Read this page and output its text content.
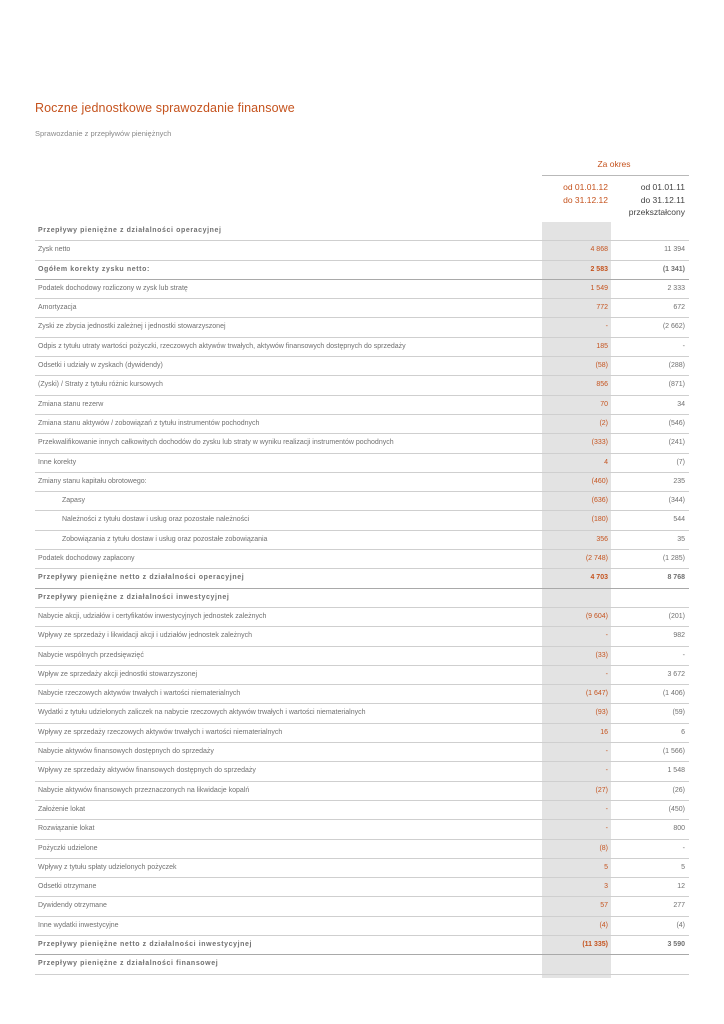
Roczne jednostkowe sprawozdanie finansowe
Sprawozdanie z przepływów pieniężnych
Za okres
od 01.01.12
do 31.12.12
od 01.01.11
do 31.12.11
przekształcony
Przepływy pieniężne z działalności operacyjnej
Zysk netto	4 868	11 394
Ogółem korekty zysku netto:	2 583	(1 341)
Podatek dochodowy rozliczony w zysk lub stratę	1 549	2 333
Amortyzacja	772	672
Zyski ze zbycia jednostki zależnej i jednostki stowarzyszonej	-	(2 662)
Odpis z tytułu utraty wartości pożyczki, rzeczowych aktywów trwałych, aktywów finansowych dostępnych do sprzedaży	185	-
Odsetki i udziały w zyskach (dywidendy)	(58)	(288)
(Zyski) / Straty z tytułu różnic kursowych	856	(871)
Zmiana stanu rezerw	70	34
Zmiana stanu aktywów / zobowiązań z tytułu instrumentów pochodnych	(2)	(546)
Przekwalifikowanie innych całkowitych dochodów do zysku lub straty w wyniku realizacji instrumentów pochodnych	(333)	(241)
Inne korekty	4	(7)
Zmiany stanu kapitału obrotowego:	(460)	235
Zapasy	(636)	(344)
Należności z tytułu dostaw i usług oraz pozostałe należności	(180)	544
Zobowiązania z tytułu dostaw i usług oraz pozostałe zobowiązania	356	35
Podatek dochodowy zapłacony	(2 748)	(1 285)
Przepływy pieniężne netto z działalności operacyjnej	4 703	8 768
Przepływy pieniężne z działalności inwestycyjnej
Nabycie akcji, udziałów i certyfikatów inwestycyjnych jednostek zależnych	(9 604)	(201)
Wpływy ze sprzedaży i likwidacji akcji i udziałów jednostek zależnych	-	982
Nabycie wspólnych przedsięwzięć	(33)	-
Wpływ ze sprzedaży akcji jednostki stowarzyszonej	-	3 672
Nabycie rzeczowych aktywów trwałych i wartości niematerialnych	(1 647)	(1 406)
Wydatki z tytułu udzielonych zaliczek na nabycie rzeczowych aktywów trwałych i wartości niematerialnych	(93)	(59)
Wpływy ze sprzedaży rzeczowych aktywów trwałych i wartości niematerialnych	16	6
Nabycie aktywów finansowych dostępnych do sprzedaży	-	(1 566)
Wpływy ze sprzedaży aktywów finansowych dostępnych do sprzedaży	-	1 548
Nabycie aktywów finansowych przeznaczonych na likwidacje kopalń	(27)	(26)
Założenie lokat	-	(450)
Rozwiązanie lokat	-	800
Pożyczki udzielone	(8)	-
Wpływy z tytułu spłaty udzielonych pożyczek	5	5
Odsetki otrzymane	3	12
Dywidendy otrzymane	57	277
Inne wydatki inwestycyjne	(4)	(4)
Przepływy pieniężne netto z działalności inwestycyjnej	(11 335)	3 590
Przepływy pieniężne z działalności finansowej
